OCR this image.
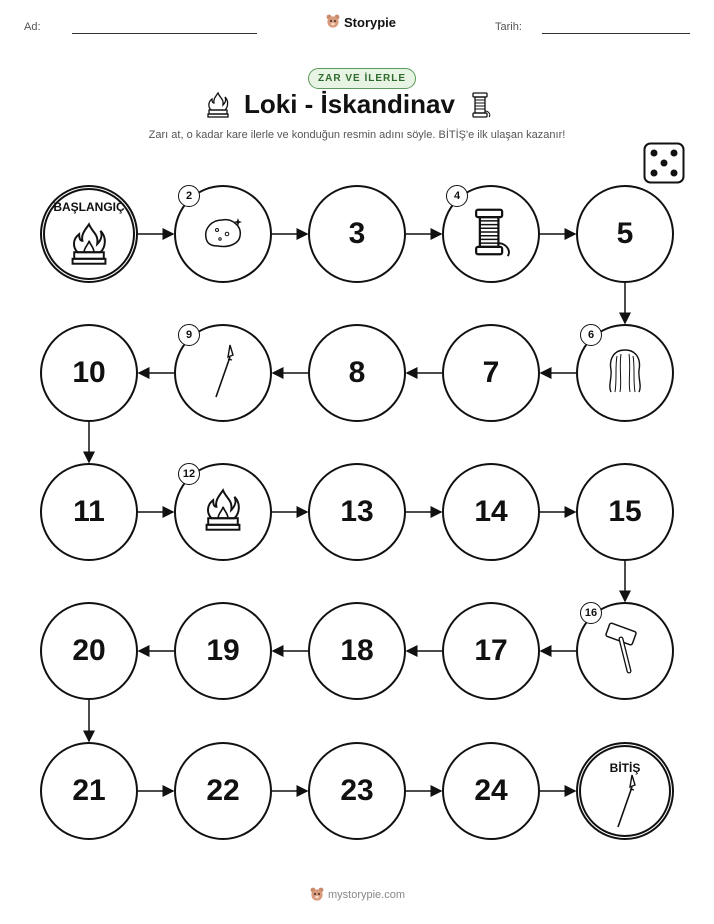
Ad:	Storypie	Tarih:
ZAR VE İLERLE
Loki - İskandinav
Zarı at, o kadar kare ilerle ve konduğun resmin adını söyle. BİTİŞ'e ilk ulaşan kazanır!
BAŞLANGIÇ
2
3
4
5
6
7
8
9
10
11
12
13	14	15
16
17
18
19
20
21	22	23	24
BİTİŞ
mystorypie.com
